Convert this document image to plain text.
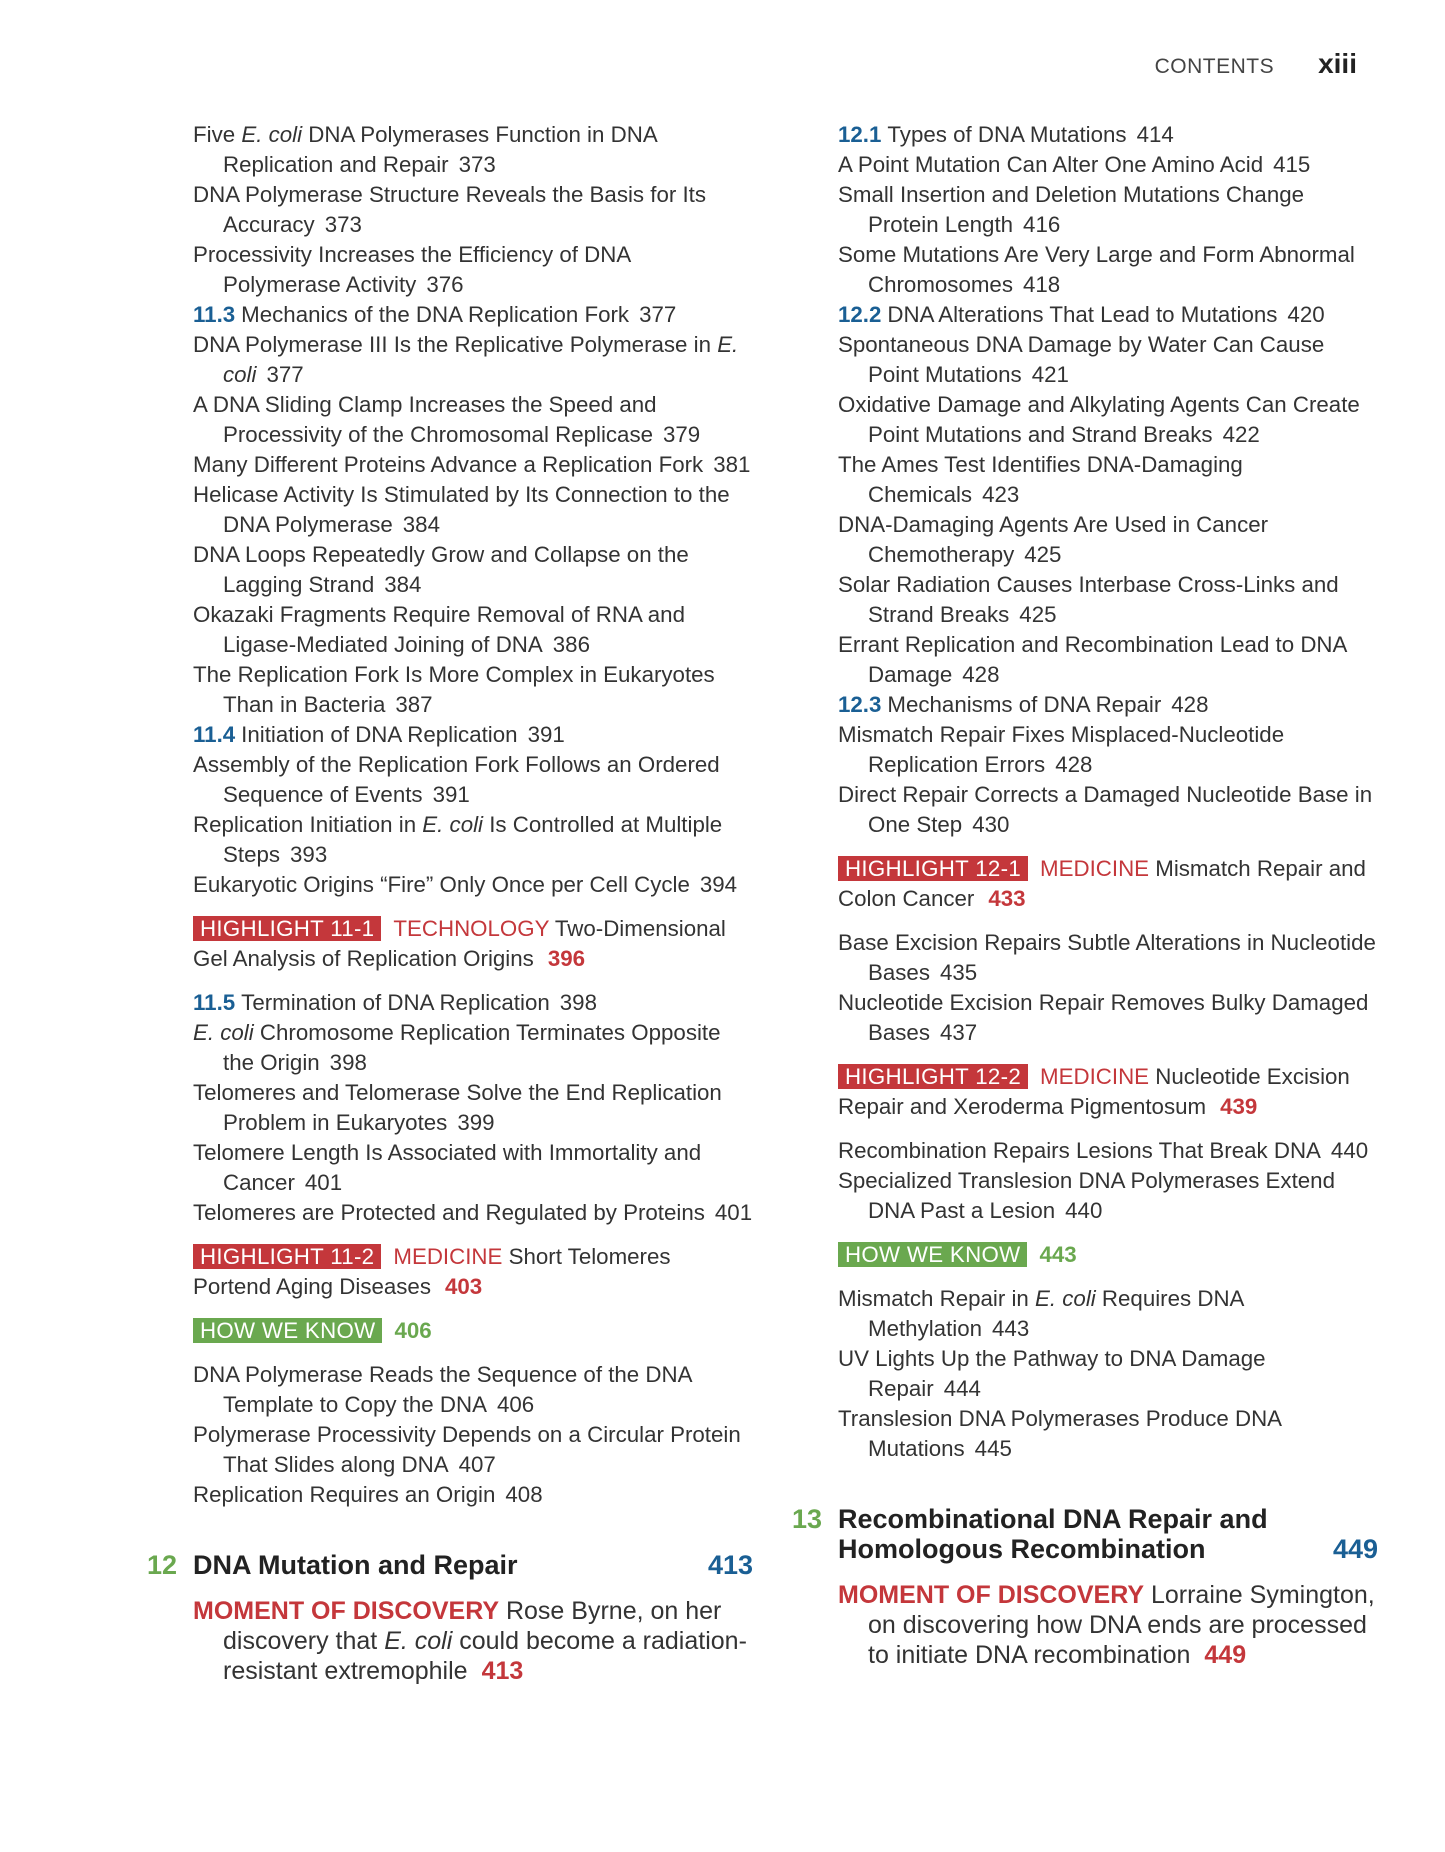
CONTENTS xiii
Five E. coli DNA Polymerases Function in DNA Replication and Repair 373
DNA Polymerase Structure Reveals the Basis for Its Accuracy 373
Processivity Increases the Efficiency of DNA Polymerase Activity 376
11.3 Mechanics of the DNA Replication Fork 377
DNA Polymerase III Is the Replicative Polymerase in E. coli 377
A DNA Sliding Clamp Increases the Speed and Processivity of the Chromosomal Replicase 379
Many Different Proteins Advance a Replication Fork 381
Helicase Activity Is Stimulated by Its Connection to the DNA Polymerase 384
DNA Loops Repeatedly Grow and Collapse on the Lagging Strand 384
Okazaki Fragments Require Removal of RNA and Ligase-Mediated Joining of DNA 386
The Replication Fork Is More Complex in Eukaryotes Than in Bacteria 387
11.4 Initiation of DNA Replication 391
Assembly of the Replication Fork Follows an Ordered Sequence of Events 391
Replication Initiation in E. coli Is Controlled at Multiple Steps 393
Eukaryotic Origins “Fire” Only Once per Cell Cycle 394
HIGHLIGHT 11-1 TECHNOLOGY Two-Dimensional Gel Analysis of Replication Origins 396
11.5 Termination of DNA Replication 398
E. coli Chromosome Replication Terminates Opposite the Origin 398
Telomeres and Telomerase Solve the End Replication Problem in Eukaryotes 399
Telomere Length Is Associated with Immortality and Cancer 401
Telomeres are Protected and Regulated by Proteins 401
HIGHLIGHT 11-2 MEDICINE Short Telomeres Portend Aging Diseases 403
HOW WE KNOW 406
DNA Polymerase Reads the Sequence of the DNA Template to Copy the DNA 406
Polymerase Processivity Depends on a Circular Protein That Slides along DNA 407
Replication Requires an Origin 408
12 DNA Mutation and Repair	413
MOMENT OF DISCOVERY Rose Byrne, on her discovery that E. coli could become a radiation-resistant extremophile 413
12.1 Types of DNA Mutations 414
A Point Mutation Can Alter One Amino Acid 415
Small Insertion and Deletion Mutations Change Protein Length 416
Some Mutations Are Very Large and Form Abnormal Chromosomes 418
12.2 DNA Alterations That Lead to Mutations 420
Spontaneous DNA Damage by Water Can Cause Point Mutations 421
Oxidative Damage and Alkylating Agents Can Create Point Mutations and Strand Breaks 422
The Ames Test Identifies DNA-Damaging Chemicals 423
DNA-Damaging Agents Are Used in Cancer Chemotherapy 425
Solar Radiation Causes Interbase Cross-Links and Strand Breaks 425
Errant Replication and Recombination Lead to DNA Damage 428
12.3 Mechanisms of DNA Repair 428
Mismatch Repair Fixes Misplaced-Nucleotide Replication Errors 428
Direct Repair Corrects a Damaged Nucleotide Base in One Step 430
HIGHLIGHT 12-1 MEDICINE Mismatch Repair and Colon Cancer 433
Base Excision Repairs Subtle Alterations in Nucleotide Bases 435
Nucleotide Excision Repair Removes Bulky Damaged Bases 437
HIGHLIGHT 12-2 MEDICINE Nucleotide Excision Repair and Xeroderma Pigmentosum 439
Recombination Repairs Lesions That Break DNA 440
Specialized Translesion DNA Polymerases Extend DNA Past a Lesion 440
HOW WE KNOW 443
Mismatch Repair in E. coli Requires DNA Methylation 443
UV Lights Up the Pathway to DNA Damage Repair 444
Translesion DNA Polymerases Produce DNA Mutations 445
13 Recombinational DNA Repair and Homologous Recombination	449
MOMENT OF DISCOVERY Lorraine Symington, on discovering how DNA ends are processed to initiate DNA recombination 449
